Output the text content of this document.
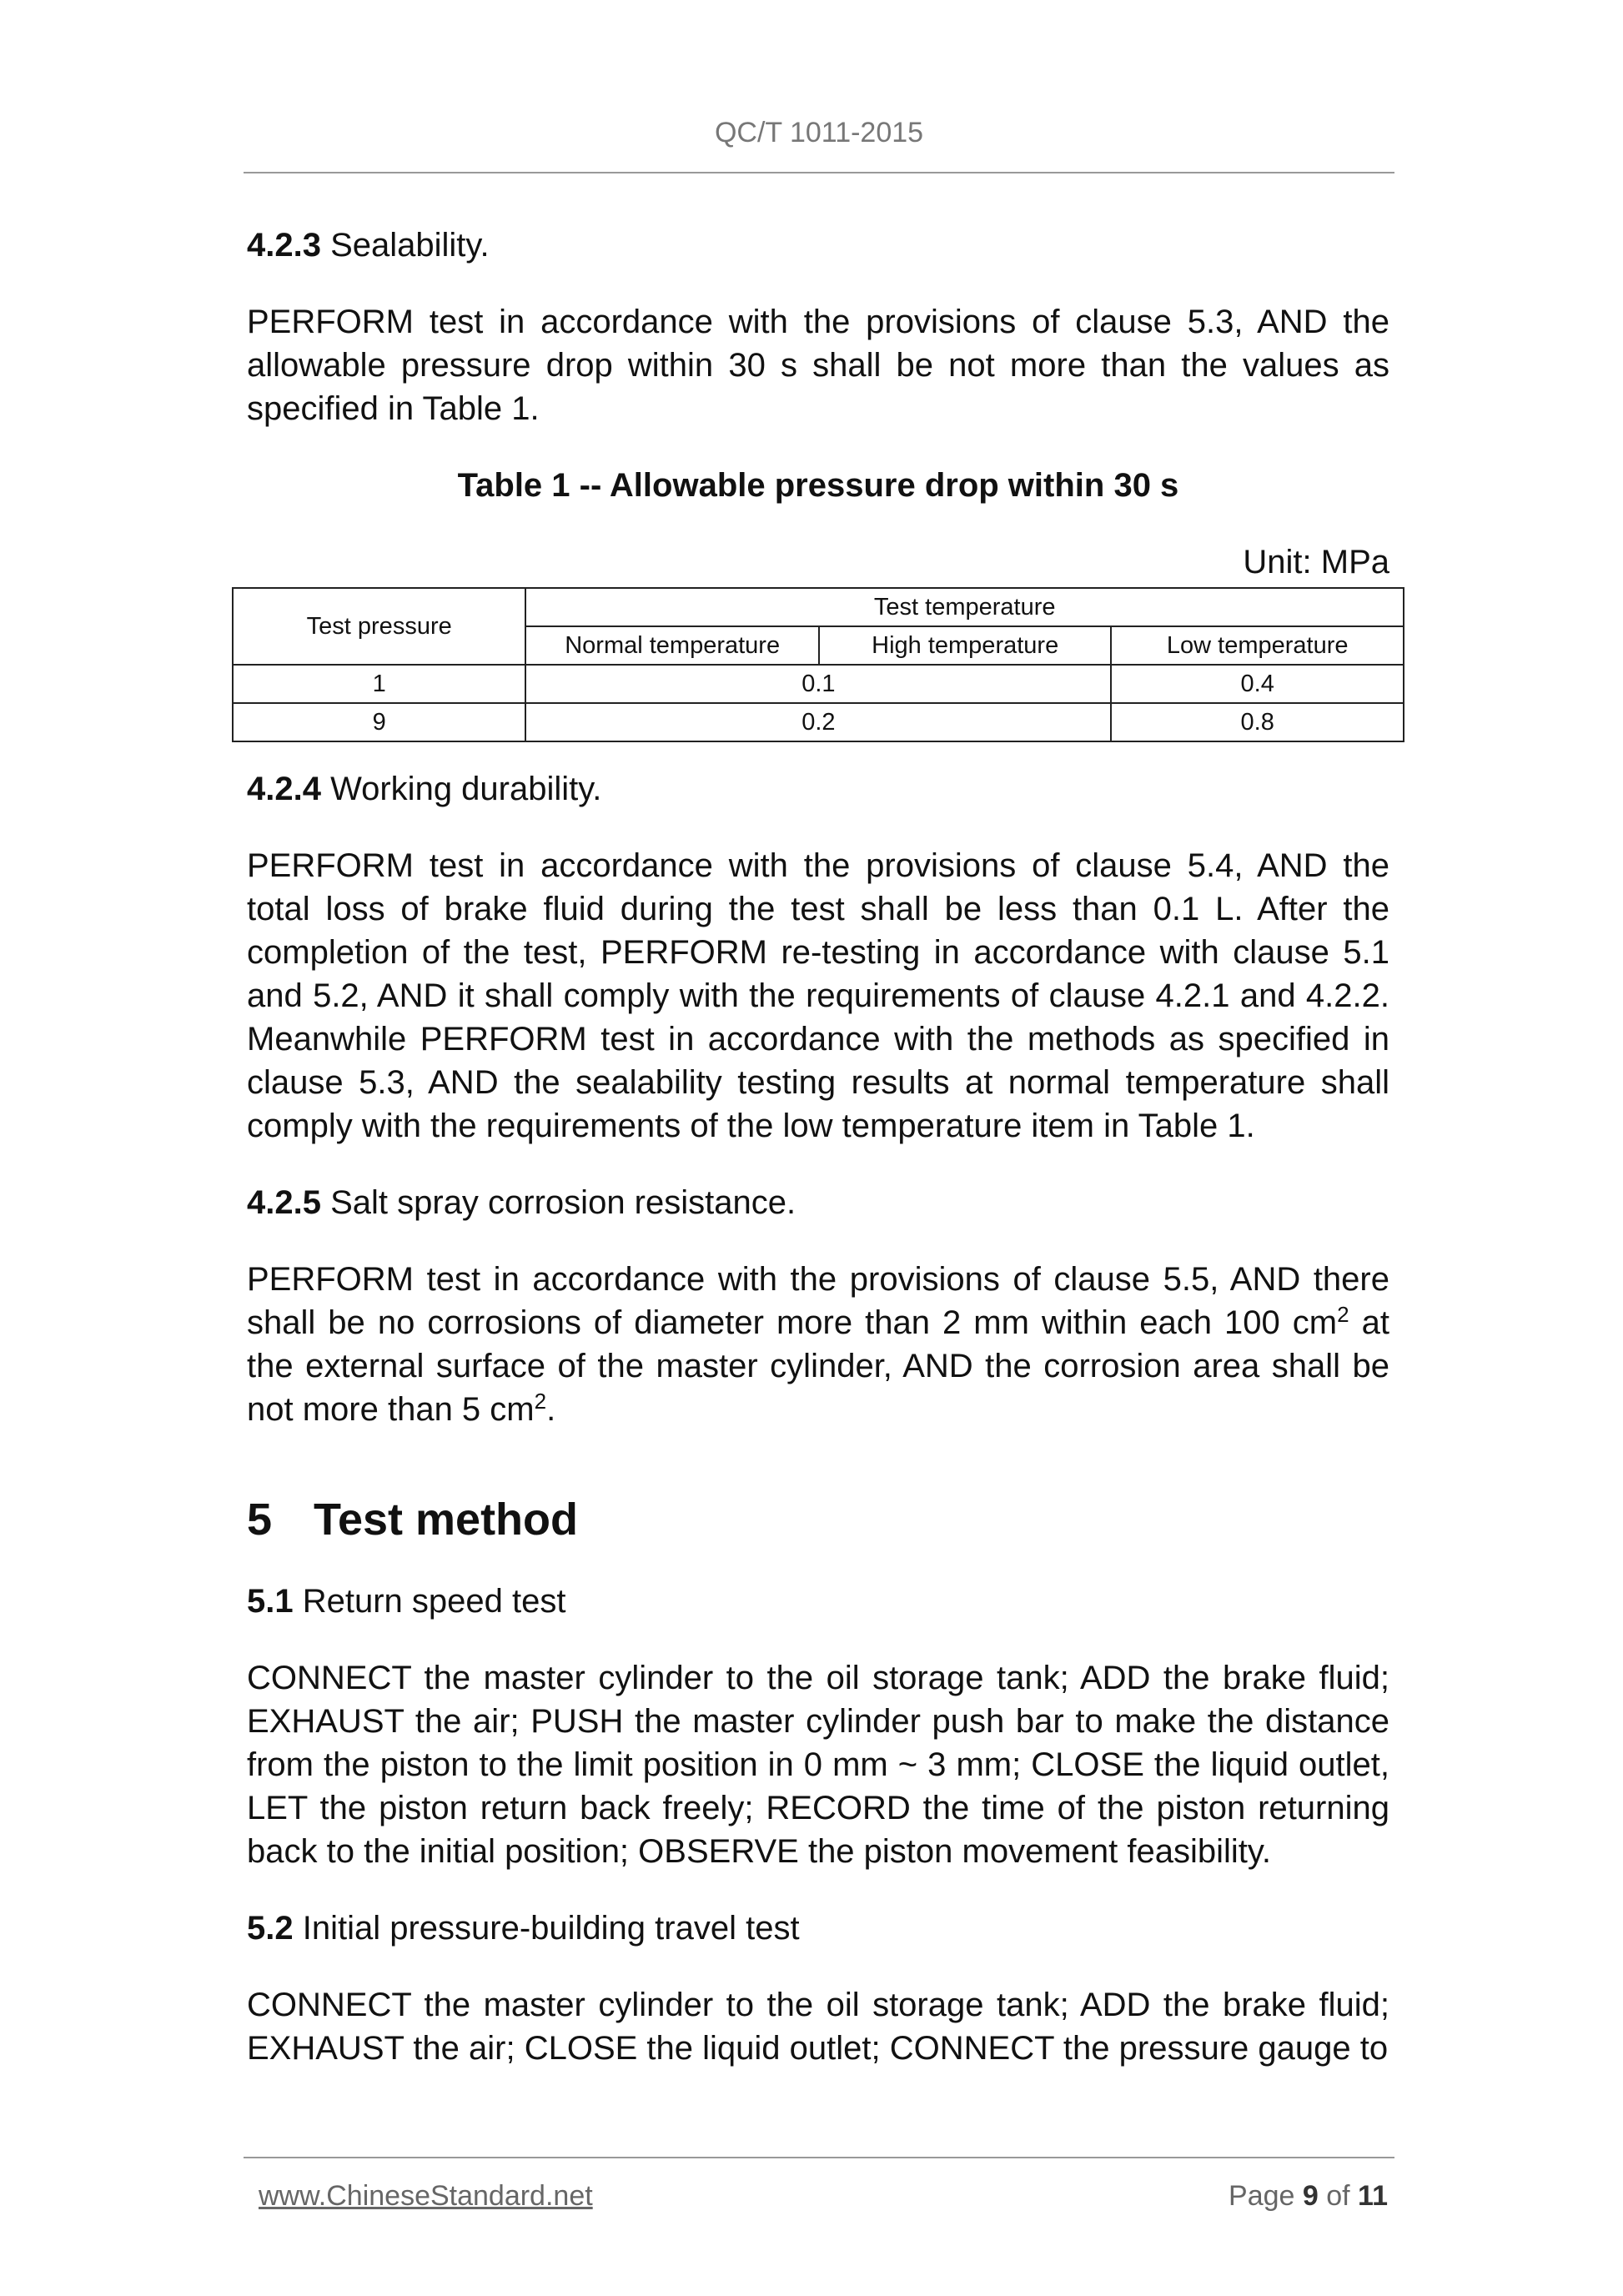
QC/T 1011-2015

4.2.3 Sealability.

PERFORM test in accordance with the provisions of clause 5.3, AND the allowable pressure drop within 30 s shall be not more than the values as specified in Table 1.

Table 1 -- Allowable pressure drop within 30 s

Unit: MPa

Test pressure	Test temperature		
	Normal temperature	High temperature	Low temperature
1	0.1		0.4
9	0.2		0.8

4.2.4 Working durability.

PERFORM test in accordance with the provisions of clause 5.4, AND the total loss of brake fluid during the test shall be less than 0.1 L. After the completion of the test, PERFORM re-testing in accordance with clause 5.1 and 5.2, AND it shall comply with the requirements of clause 4.2.1 and 4.2.2. Meanwhile PERFORM test in accordance with the methods as specified in clause 5.3, AND the sealability testing results at normal temperature shall comply with the requirements of the low temperature item in Table 1.

4.2.5 Salt spray corrosion resistance.

PERFORM test in accordance with the provisions of clause 5.5, AND there shall be no corrosions of diameter more than 2 mm within each 100 $cm^2$ at the external surface of the master cylinder, AND the corrosion area shall be not more than 5 $cm^2$.

5 Test method

5.1 Return speed test

CONNECT the master cylinder to the oil storage tank; ADD the brake fluid; EXHAUST the air; PUSH the master cylinder push bar to make the distance from the piston to the limit position in 0 mm ~ 3 mm; CLOSE the liquid outlet, LET the piston return back freely; RECORD the time of the piston returning back to the initial position; OBSERVE the piston movement feasibility.

5.2 Initial pressure-building travel test

CONNECT the master cylinder to the oil storage tank; ADD the brake fluid; EXHAUST the air; CLOSE the liquid outlet; CONNECT the pressure gauge to

www.ChineseStandard.net	Page 9 of 11
